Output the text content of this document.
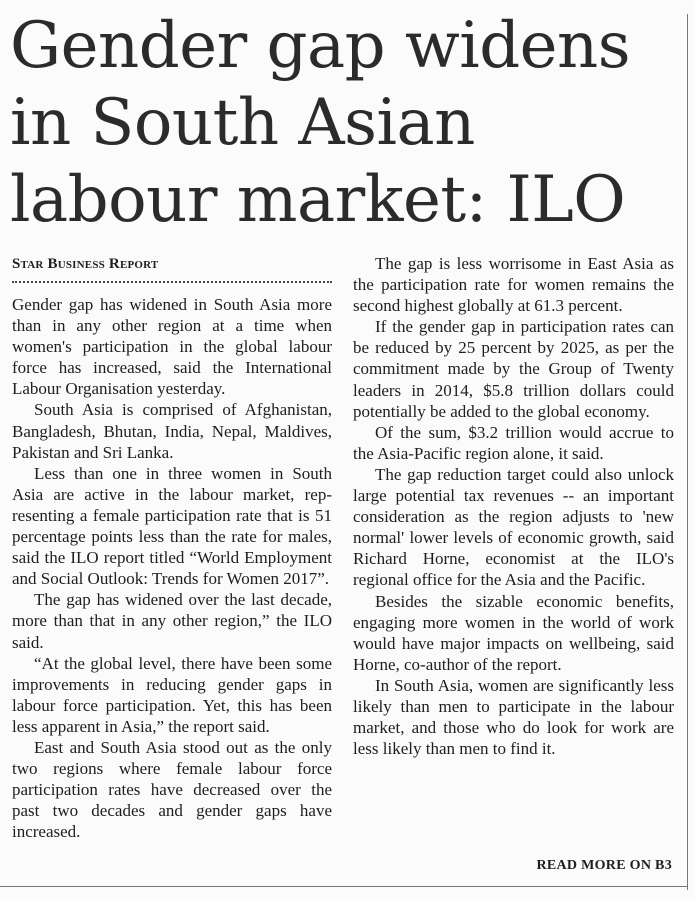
Gender gap widens
in South Asian
labour market: ILO
Star Business Report

Gender gap has widened in South Asia more than in any other region at a time when women's participation in the global labour force has increased, said the International Labour Organisation yesterday.

South Asia is comprised of Afghanistan, Bangladesh, Bhutan, India, Nepal, Maldives, Pakistan and Sri Lanka.

Less than one in three women in South Asia are active in the labour market, representing a female participation rate that is 51 percentage points less than the rate for males, said the ILO report titled “World Employment and Social Outlook: Trends for Women 2017”.

The gap has widened over the last decade, more than that in any other region,” the ILO said.

“At the global level, there have been some improvements in reducing gender gaps in labour force participation. Yet, this has been less apparent in Asia,” the report said.

East and South Asia stood out as the only two regions where female labour force participation rates have decreased over the past two decades and gender gaps have increased.

The gap is less worrisome in East Asia as the participation rate for women remains the second highest globally at 61.3 percent.

If the gender gap in participation rates can be reduced by 25 percent by 2025, as per the commitment made by the Group of Twenty leaders in 2014, $5.8 trillion dollars could potentially be added to the global economy.

Of the sum, $3.2 trillion would accrue to the Asia-Pacific region alone, it said.

The gap reduction target could also unlock large potential tax revenues -- an important consideration as the region adjusts to 'new normal' lower levels of economic growth, said Richard Horne, economist at the ILO's regional office for the Asia and the Pacific.

Besides the sizable economic benefits, engaging more women in the world of work would have major impacts on wellbeing, said Horne, co-author of the report.

In South Asia, women are significantly less likely than men to participate in the labour market, and those who do look for work are less likely than men to find it.

READ MORE ON B3
